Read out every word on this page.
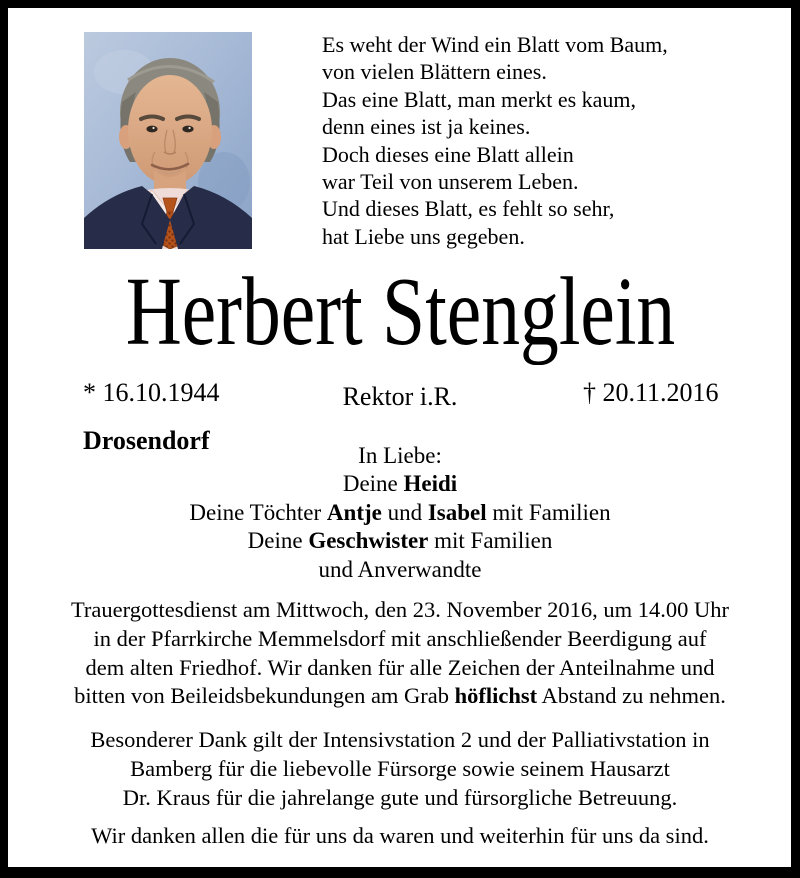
Es weht der Wind ein Blatt vom Baum,
von vielen Blättern eines.
Das eine Blatt, man merkt es kaum,
denn eines ist ja keines.
Doch dieses eine Blatt allein
war Teil von unserem Leben.
Und dieses Blatt, es fehlt so sehr,
hat Liebe uns gegeben.
Herbert Stenglein
* 16.10.1944	Rektor i.R.	† 20.11.2016
Drosendorf
In Liebe:
Deine Heidi
Deine Töchter Antje und Isabel mit Familien
Deine Geschwister mit Familien
und Anverwandte
Trauergottesdienst am Mittwoch, den 23. November 2016, um 14.00 Uhr
in der Pfarrkirche Memmelsdorf mit anschließender Beerdigung auf
dem alten Friedhof. Wir danken für alle Zeichen der Anteilnahme und
bitten von Beileidsbekundungen am Grab höflichst Abstand zu nehmen.
Besonderer Dank gilt der Intensivstation 2 und der Palliativstation in
Bamberg für die liebevolle Fürsorge sowie seinem Hausarzt
Dr. Kraus für die jahrelange gute und fürsorgliche Betreuung.
Wir danken allen die für uns da waren und weiterhin für uns da sind.
